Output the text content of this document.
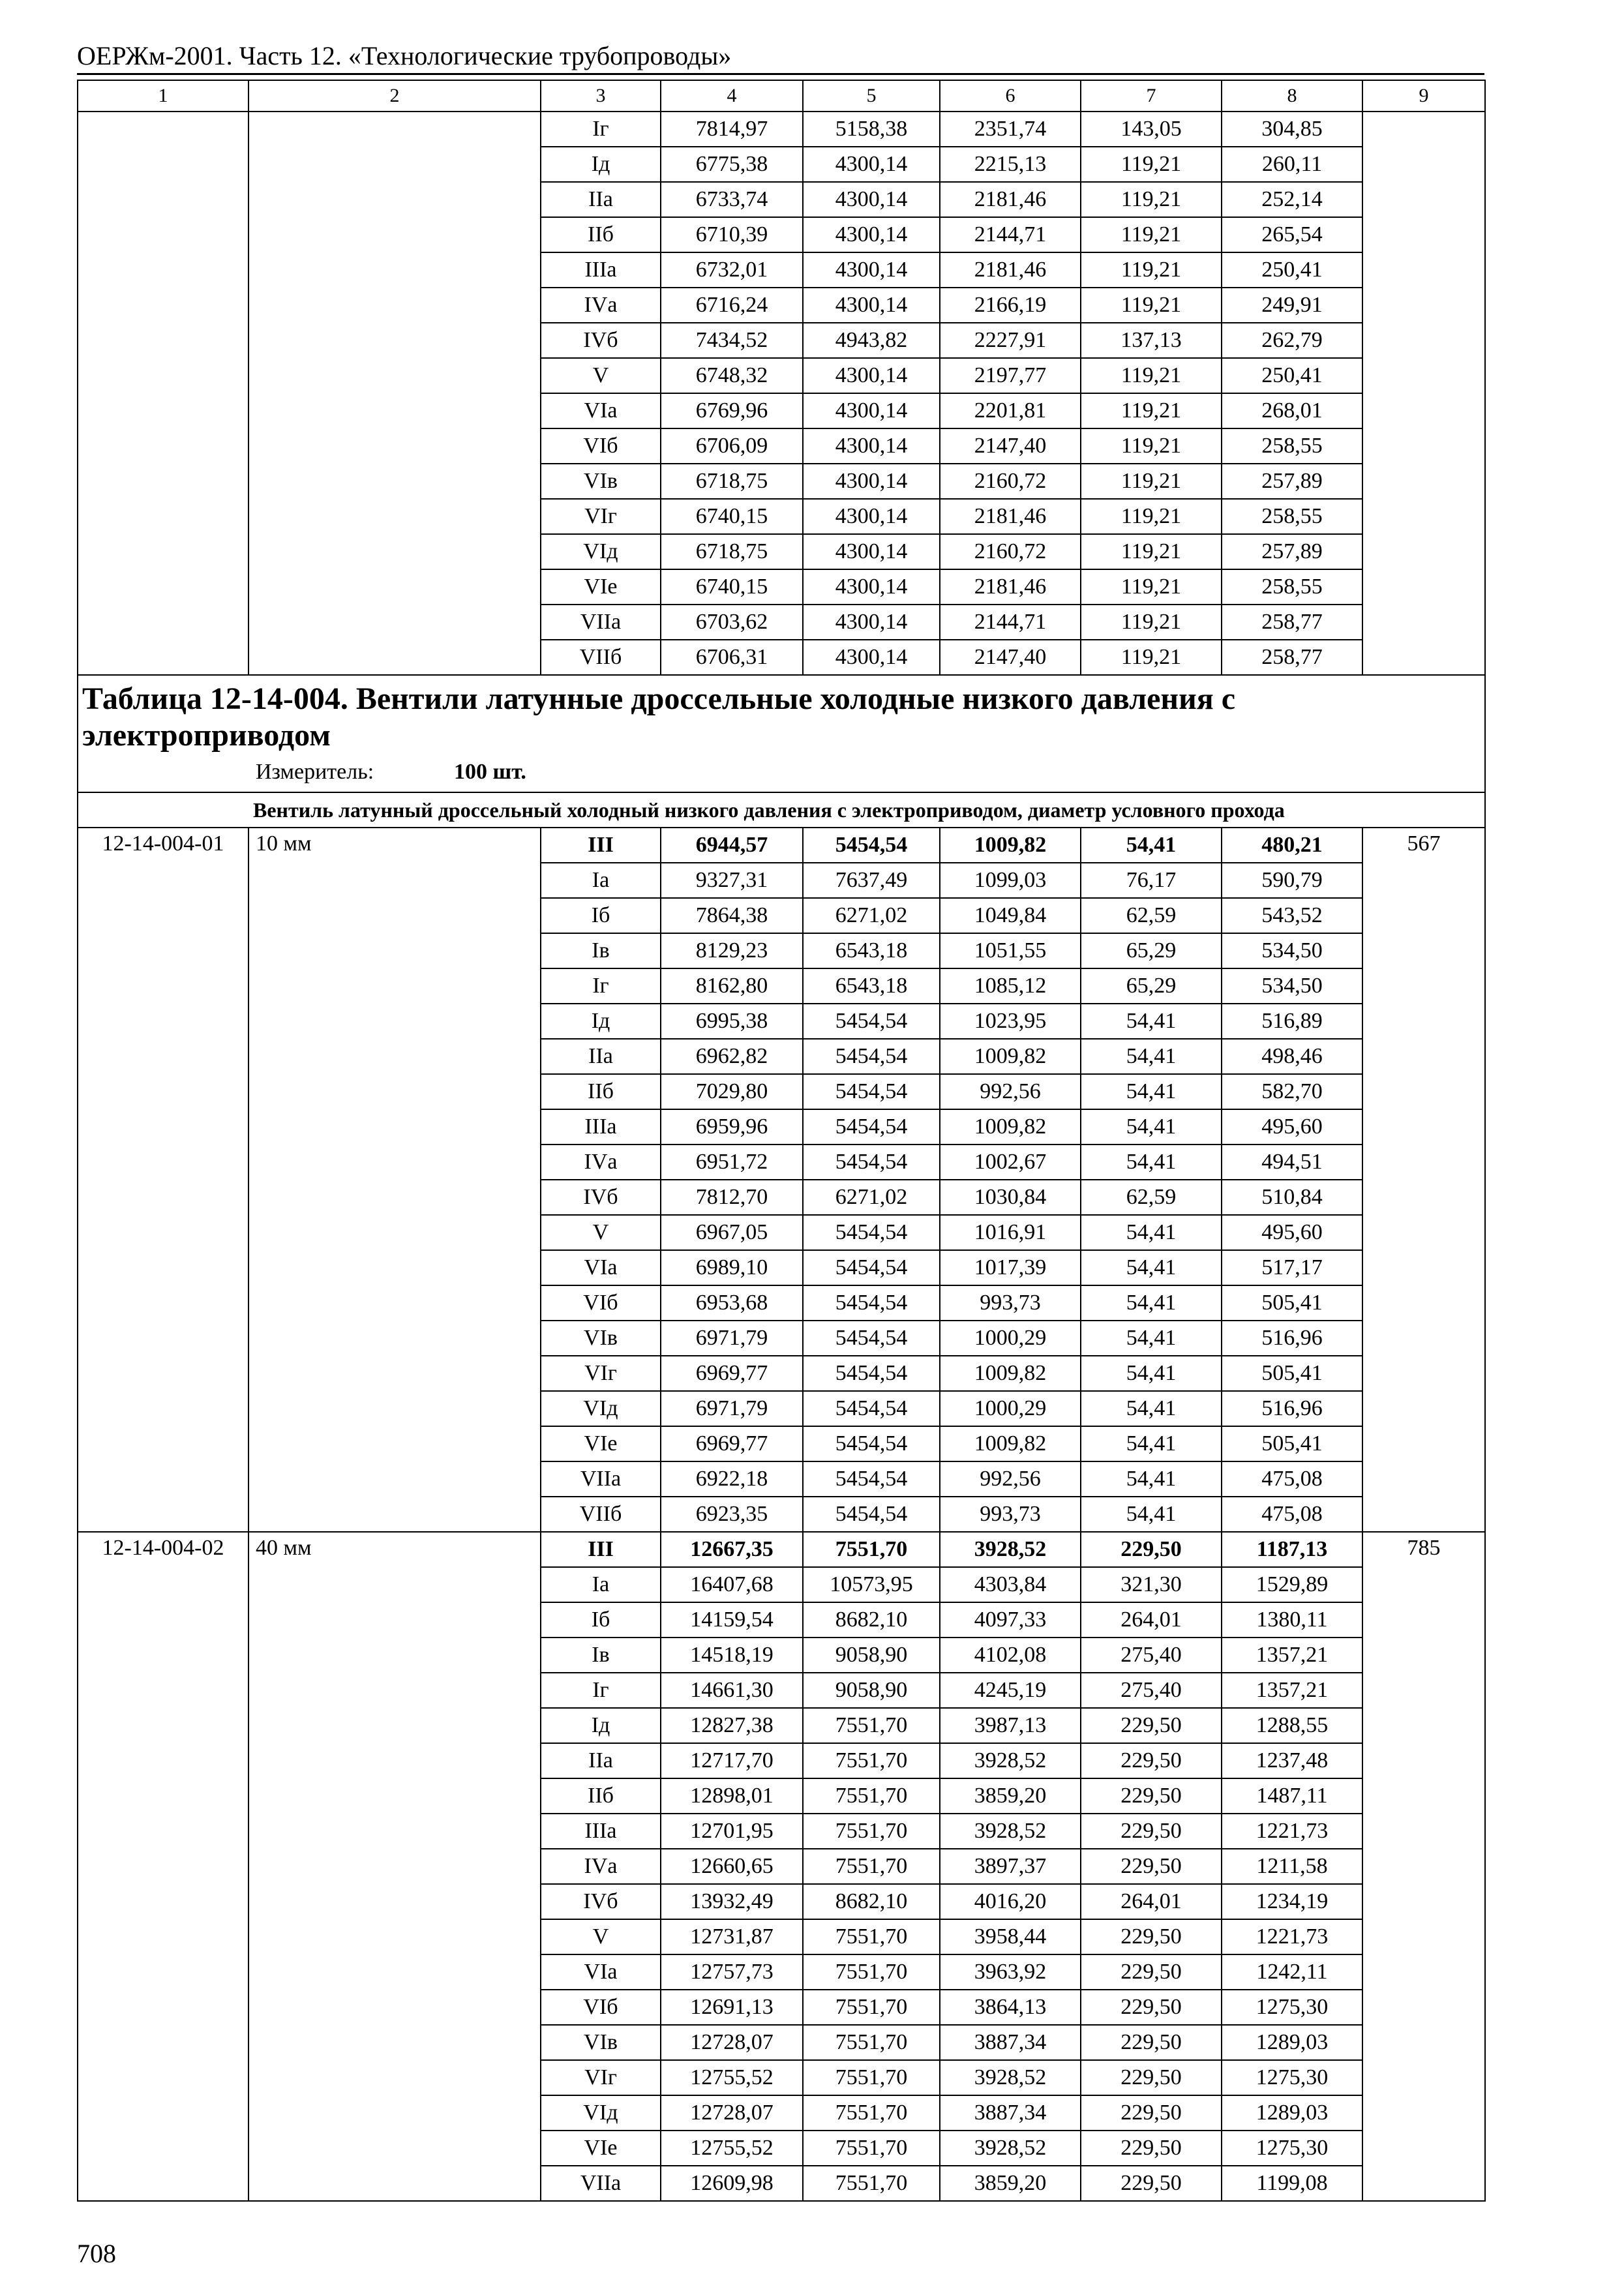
ОЕРЖм-2001. Часть 12. «Технологические трубопроводы»
1	2	3	4	5	6	7	8	9
		Iг	7814,97	5158,38	2351,74	143,05	304,85	
		Iд	6775,38	4300,14	2215,13	119,21	260,11	
		IIа	6733,74	4300,14	2181,46	119,21	252,14	
		IIб	6710,39	4300,14	2144,71	119,21	265,54	
		IIIа	6732,01	4300,14	2181,46	119,21	250,41	
		IVа	6716,24	4300,14	2166,19	119,21	249,91	
		IVб	7434,52	4943,82	2227,91	137,13	262,79	
		V	6748,32	4300,14	2197,77	119,21	250,41	
		VIа	6769,96	4300,14	2201,81	119,21	268,01	
		VIб	6706,09	4300,14	2147,40	119,21	258,55	
		VIв	6718,75	4300,14	2160,72	119,21	257,89	
		VIг	6740,15	4300,14	2181,46	119,21	258,55	
		VIд	6718,75	4300,14	2160,72	119,21	257,89	
		VIе	6740,15	4300,14	2181,46	119,21	258,55	
		VIIа	6703,62	4300,14	2144,71	119,21	258,77	
		VIIб	6706,31	4300,14	2147,40	119,21	258,77	

Таблица 12-14-004. Вентили латунные дроссельные холодные низкого давления с электроприводом
Измеритель: 100 шт.								

Вентиль латунный дроссельный холодный низкого давления с электроприводом, диаметр условного прохода								
12-14-004-01	10 мм	III	6944,57	5454,54	1009,82	54,41	480,21	567
		Iа	9327,31	7637,49	1099,03	76,17	590,79	
		Iб	7864,38	6271,02	1049,84	62,59	543,52	
		Iв	8129,23	6543,18	1051,55	65,29	534,50	
		Iг	8162,80	6543,18	1085,12	65,29	534,50	
		Iд	6995,38	5454,54	1023,95	54,41	516,89	
		IIа	6962,82	5454,54	1009,82	54,41	498,46	
		IIб	7029,80	5454,54	992,56	54,41	582,70	
		IIIа	6959,96	5454,54	1009,82	54,41	495,60	
		IVа	6951,72	5454,54	1002,67	54,41	494,51	
		IVб	7812,70	6271,02	1030,84	62,59	510,84	
		V	6967,05	5454,54	1016,91	54,41	495,60	
		VIа	6989,10	5454,54	1017,39	54,41	517,17	
		VIб	6953,68	5454,54	993,73	54,41	505,41	
		VIв	6971,79	5454,54	1000,29	54,41	516,96	
		VIг	6969,77	5454,54	1009,82	54,41	505,41	
		VIд	6971,79	5454,54	1000,29	54,41	516,96	
		VIе	6969,77	5454,54	1009,82	54,41	505,41	
		VIIа	6922,18	5454,54	992,56	54,41	475,08	
		VIIб	6923,35	5454,54	993,73	54,41	475,08	
12-14-004-02	40 мм	III	12667,35	7551,70	3928,52	229,50	1187,13	785
		Iа	16407,68	10573,95	4303,84	321,30	1529,89	
		Iб	14159,54	8682,10	4097,33	264,01	1380,11	
		Iв	14518,19	9058,90	4102,08	275,40	1357,21	
		Iг	14661,30	9058,90	4245,19	275,40	1357,21	
		Iд	12827,38	7551,70	3987,13	229,50	1288,55	
		IIа	12717,70	7551,70	3928,52	229,50	1237,48	
		IIб	12898,01	7551,70	3859,20	229,50	1487,11	
		IIIа	12701,95	7551,70	3928,52	229,50	1221,73	
		IVа	12660,65	7551,70	3897,37	229,50	1211,58	
		IVб	13932,49	8682,10	4016,20	264,01	1234,19	
		V	12731,87	7551,70	3958,44	229,50	1221,73	
		VIа	12757,73	7551,70	3963,92	229,50	1242,11	
		VIб	12691,13	7551,70	3864,13	229,50	1275,30	
		VIв	12728,07	7551,70	3887,34	229,50	1289,03	
		VIг	12755,52	7551,70	3928,52	229,50	1275,30	
		VIд	12728,07	7551,70	3887,34	229,50	1289,03	
		VIе	12755,52	7551,70	3928,52	229,50	1275,30	
		VIIа	12609,98	7551,70	3859,20	229,50	1199,08	
708
